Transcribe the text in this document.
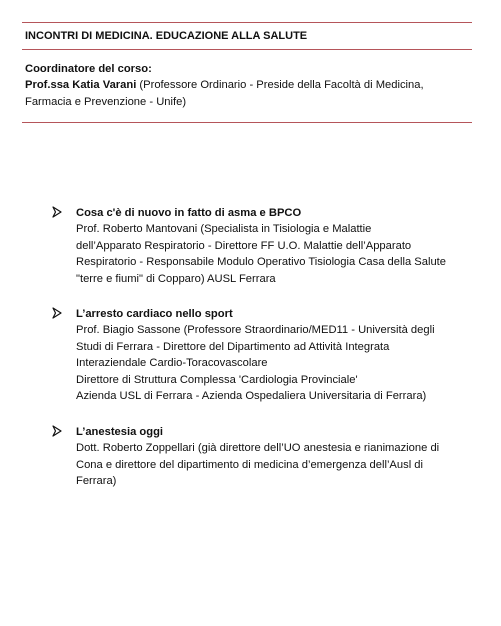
INCONTRI DI MEDICINA. EDUCAZIONE ALLA SALUTE
Coordinatore del corso:
Prof.ssa Katia Varani (Professore Ordinario - Preside della Facoltà di Medicina,
Farmacia e Prevenzione - Unife)
Cosa c'è di nuovo in fatto di asma e BPCO
Prof. Roberto Mantovani (Specialista in Tisiologia e Malattie
dell’Apparato Respiratorio - Direttore FF U.O. Malattie dell’Apparato
Respiratorio - Responsabile Modulo Operativo Tisiologia Casa della Salute
"terre e fiumi" di Copparo) AUSL Ferrara
L’arresto cardiaco nello sport
Prof. Biagio Sassone (Professore Straordinario/MED11 - Università degli
Studi di Ferrara - Direttore del Dipartimento ad Attività Integrata
Interaziendale Cardio-Toracovascolare
Direttore di Struttura Complessa 'Cardiologia Provinciale'
Azienda USL di Ferrara - Azienda Ospedaliera Universitaria di Ferrara)
L’anestesia oggi
Dott. Roberto Zoppellari (già direttore dell’UO anestesia e rianimazione di
Cona e direttore del dipartimento di medicina d’emergenza dell’Ausl di
Ferrara)
